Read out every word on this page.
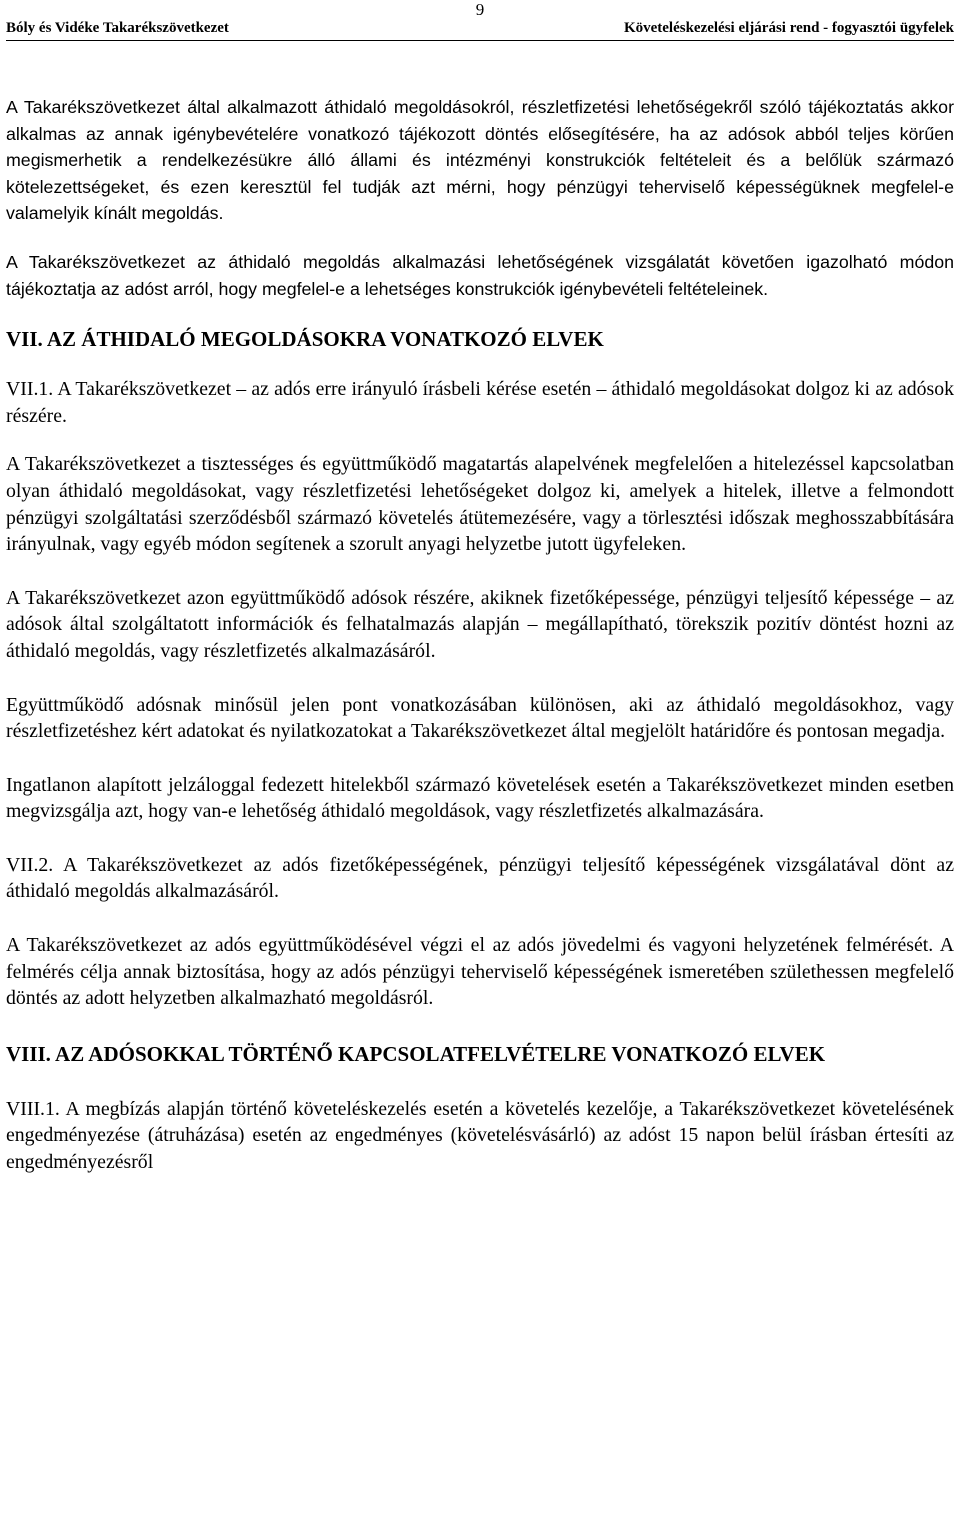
9
Bóly és Vidéke Takarékszövetkezet	Követeléskezelési eljárási rend - fogyasztói ügyfelek

A Takarékszövetkezet által alkalmazott áthidaló megoldásokról, részletfizetési lehetőségekről szóló tájékoztatás akkor alkalmas az annak igénybevételére vonatkozó tájékozott döntés elősegítésére, ha az adósok abból teljes körűen megismerhetik a rendelkezésükre álló állami és intézményi konstrukciók feltételeit és a belőlük származó kötelezettségeket, és ezen keresztül fel tudják azt mérni, hogy pénzügyi teherviselő képességüknek megfelel-e valamelyik kínált megoldás.

A Takarékszövetkezet az áthidaló megoldás alkalmazási lehetőségének vizsgálatát követően igazolható módon tájékoztatja az adóst arról, hogy megfelel-e a lehetséges konstrukciók igénybevételi feltételeinek.

VII. AZ ÁTHIDALÓ MEGOLDÁSOKRA VONATKOZÓ ELVEK

VII.1. A Takarékszövetkezet – az adós erre irányuló írásbeli kérése esetén – áthidaló megoldásokat dolgoz ki az adósok részére.

A Takarékszövetkezet a tisztességes és együttműködő magatartás alapelvének megfelelően a hitelezéssel kapcsolatban olyan áthidaló megoldásokat, vagy részletfizetési lehetőségeket dolgoz ki, amelyek a hitelek, illetve a felmondott pénzügyi szolgáltatási szerződésből származó követelés átütemezésére, vagy a törlesztési időszak meghosszabbítására irányulnak, vagy egyéb módon segítenek a szorult anyagi helyzetbe jutott ügyfeleken.

A Takarékszövetkezet azon együttműködő adósok részére, akiknek fizetőképessége, pénzügyi teljesítő képessége – az adósok által szolgáltatott információk és felhatalmazás alapján – megállapítható, törekszik pozitív döntést hozni az áthidaló megoldás, vagy részletfizetés alkalmazásáról.

Együttműködő adósnak minősül jelen pont vonatkozásában különösen, aki az áthidaló megoldásokhoz, vagy részletfizetéshez kért adatokat és nyilatkozatokat a Takarékszövetkezet által megjelölt határidőre és pontosan megadja.

Ingatlanon alapított jelzáloggal fedezett hitelekből származó követelések esetén a Takarékszövetkezet minden esetben megvizsgálja azt, hogy van-e lehetőség áthidaló megoldások, vagy részletfizetés alkalmazására.

VII.2. A Takarékszövetkezet az adós fizetőképességének, pénzügyi teljesítő képességének vizsgálatával dönt az áthidaló megoldás alkalmazásáról.

A Takarékszövetkezet az adós együttműködésével végzi el az adós jövedelmi és vagyoni helyzetének felmérését. A felmérés célja annak biztosítása, hogy az adós pénzügyi teherviselő képességének ismeretében születhessen megfelelő döntés az adott helyzetben alkalmazható megoldásról.

VIII. AZ ADÓSOKKAL TÖRTÉNŐ KAPCSOLATFELVÉTELRE VONATKOZÓ ELVEK

VIII.1. A megbízás alapján történő követeléskezelés esetén a követelés kezelője, a Takarékszövetkezet követelésének engedményezése (átruházása) esetén az engedményes (követelésvásárló) az adóst 15 napon belül írásban értesíti az engedményezésről
